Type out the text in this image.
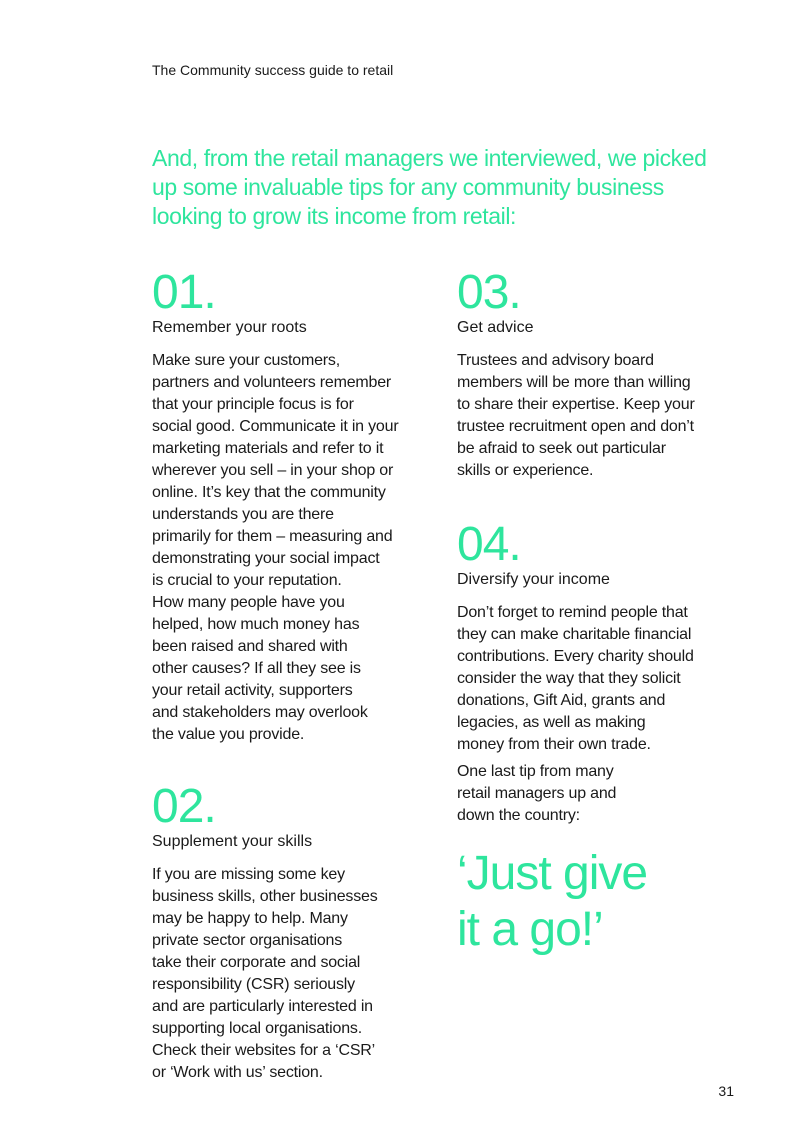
The Community success guide to retail
And, from the retail managers we interviewed, we picked up some invaluable tips for any community business looking to grow its income from retail:
01.
Remember your roots
Make sure your customers,
partners and volunteers remember
that your principle focus is for
social good. Communicate it in your
marketing materials and refer to it
wherever you sell – in your shop or
online. It’s key that the community
understands you are there
primarily for them – measuring and
demonstrating your social impact
is crucial to your reputation.
How many people have you
helped, how much money has
been raised and shared with
other causes? If all they see is
your retail activity, supporters
and stakeholders may overlook
the value you provide.
02.
Supplement your skills
If you are missing some key
business skills, other businesses
may be happy to help. Many
private sector organisations
take their corporate and social
responsibility (CSR) seriously
and are particularly interested in
supporting local organisations.
Check their websites for a ‘CSR’
or ‘Work with us’ section.
03.
Get advice
Trustees and advisory board
members will be more than willing
to share their expertise. Keep your
trustee recruitment open and don’t
be afraid to seek out particular
skills or experience.
04.
Diversify your income
Don’t forget to remind people that
they can make charitable financial
contributions. Every charity should
consider the way that they solicit
donations, Gift Aid, grants and
legacies, as well as making
money from their own trade.
One last tip from many
retail managers up and
down the country:
‘Just give
it a go!’
31
